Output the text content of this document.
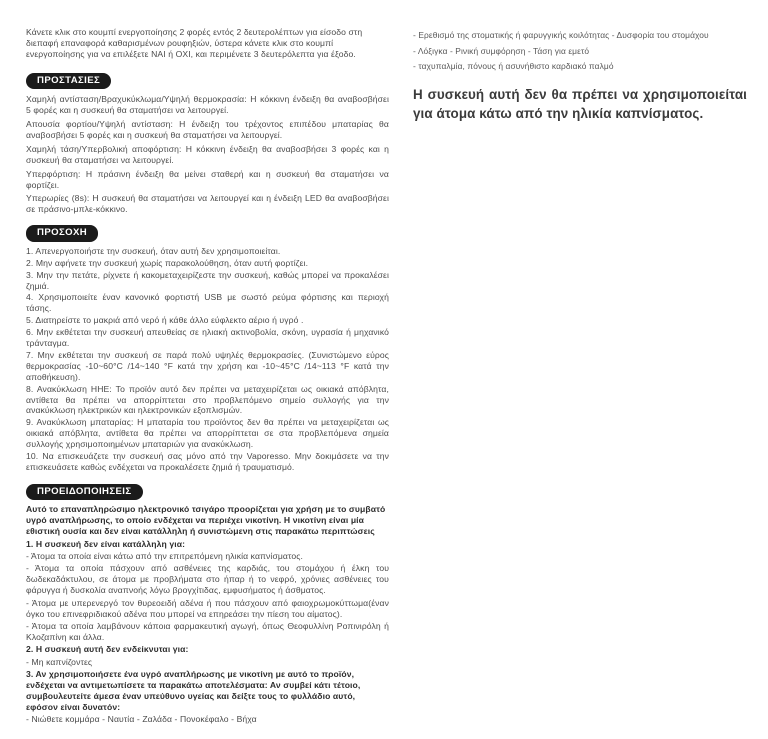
Κάνετε κλικ στο κουμπί ενεργοποίησης 2 φορές εντός 2 δευτερολέπτων για είσοδο στη διεπαφή επαναφορά καθαρισμένων ρουφηξιών, ύστερα κάνετε κλικ στο κουμπί ενεργοποίησης για να επιλέξετε ΝΑΙ ή ΟΧΙ, και περιμένετε 3 δευτερόλεπτα για έξοδο.

ΠΡΟΣΤΑΣΙΕΣ

Χαμηλή αντίσταση/Βραχυκύκλωμα/Υψηλή θερμοκρασία: Η κόκκινη ένδειξη θα αναβοσβήσει 5 φορές και η συσκευή θα σταματήσει να λειτουργεί.

Απουσία φορτίου/Υψηλή αντίσταση: Η ένδειξη του τρέχοντος επιπέδου μπαταρίας θα αναβοσβήσει 5 φορές και η συσκευή θα σταματήσει να λειτουργεί.

Χαμηλή τάση/Υπερβολική αποφόρτιση: Η κόκκινη ένδειξη θα αναβοσβήσει 3 φορές και η συσκευή θα σταματήσει να λειτουργεί.

Υπερφόρτιση: Η πράσινη ένδειξη θα μείνει σταθερή και η συσκευή θα σταματήσει να φορτίζει.

Υπερωρίες (8s): Η συσκευή θα σταματήσει να λειτουργεί και η ένδειξη LED θα αναβοσβήσει σε πράσινο-μπλε-κόκκινο.

ΠΡΟΣΟΧΗ

1. Απενεργοποιήστε την συσκευή, όταν αυτή δεν χρησιμοποιείται.

2. Μην αφήνετε την συσκευή χωρίς παρακολούθηση, όταν αυτή φορτίζει.

3. Μην την πετάτε, ρίχνετε ή κακομεταχειρίζεστε την συσκευή, καθώς μπορεί να προκαλέσει ζημιά.

4. Χρησιμοποιείτε έναν κανονικό φορτιστή USB με σωστό ρεύμα φόρτισης και περιοχή τάσης.

5. Διατηρείστε το μακριά από νερό ή κάθε άλλο εύφλεκτο αέριο ή υγρό .

6. Μην εκθέτεται την συσκευή απευθείας σε ηλιακή ακτινοβολία, σκόνη, υγρασία ή μηχανικό τράνταγμα.

7. Μην εκθέτεται την συσκευή σε παρά πολύ υψηλές θερμοκρασίες. (Συνιστώμενο εύρος θερμοκρασίας -10~60°C /14~140 °F κατά την χρήση και -10~45°C /14~113 °F κατά την αποθήκευση).

8. Ανακύκλωση ΗΗΕ: Το προϊόν αυτό δεν πρέπει να μεταχειρίζεται ως οικιακά απόβλητα, αντίθετα θα πρέπει να απορρίπτεται στο προβλεπόμενο σημείο συλλογής για την ανακύκλωση ηλεκτρικών και ηλεκτρονικών εξοπλισμών.

9. Ανακύκλωση μπαταρίας: Η μπαταρία του προϊόντος δεν θα πρέπει να μεταχειρίζεται ως οικιακά απόβλητα, αντίθετα θα πρέπει να απορρίπτεται σε στα προβλεπόμενα σημεία συλλογής χρησιμοποιημένων μπαταριών για ανακύκλωση.

10. Να επισκευάζετε την συσκευή σας μόνο από την Vaporesso. Μην δοκιμάσετε να την επισκευάσετε καθώς ενδέχεται να προκαλέσετε ζημιά ή τραυματισμό.

ΠΡΟΕΙΔΟΠΟΙΗΣΕΙΣ

Αυτό το επαναπληρώσιμο ηλεκτρονικό τσιγάρο προορίζεται για χρήση με το συμβατό υγρό αναπλήρωσης, το οποίο ενδέχεται να περιέχει νικοτίνη. Η νικοτίνη είναι μία εθιστική ουσία και δεν είναι κατάλληλη ή συνιστώμενη στις παρακάτω περιπτώσεις

1. Η συσκευή δεν είναι κατάλληλη για:

- Άτομα τα οποία είναι κάτω από την επιτρεπόμενη ηλικία καπνίσματος.

- Άτομα τα οποία πάσχουν από ασθένειες της καρδιάς, του στομάχου ή έλκη του δωδεκαδάκτυλου, σε άτομα με προβλήματα στο ήπαρ ή το νεφρό, χρόνιες ασθένειες του φάρυγγα ή δυσκολία αναπνοής λόγω βρογχίτιδας, εμφυσήματος ή άσθματος.

- Άτομα με υπερενεργό τον θυρεοειδή αδένα ή που πάσχουν από φαιοχρωμοκύττωμα(έναν όγκο του επινεφριδιακού αδένα που μπορεί να επηρεάσει την πίεση του αίματος).

- Άτομα τα οποία λαμβάνουν κάποια φαρμακευτική αγωγή, όπως Θεοφυλλίνη Ροπινιρόλη ή Κλοζαπίνη και άλλα.

2. Η συσκευή αυτή δεν ενδείκνυται για:

- Μη καπνίζοντες

3. Αν χρησιμοποιήσετε ένα υγρό αναπλήρωσης με νικοτίνη με αυτό το προϊόν, ενδέχεται να αντιμετωπίσετε τα παρακάτω αποτελέσματα: Αν συμβεί κάτι τέτοιο, συμβουλευτείτε άμεσα έναν υπεύθυνο υγείας και δείξτε τους το φυλλάδιο αυτό, εφόσον είναι δυνατόν:

- Νιώθετε κομμάρα - Ναυτία - Ζαλάδα - Πονοκέφαλο - Βήχα

- Ερεθισμό της στοματικής ή φαρυγγικής κοιλότητας - Δυσφορία του στομάχου

- Λόξιγκα - Ρινική συμφόρηση - Τάση για εμετό

- ταχυπαλμία, πόνους ή ασυνήθιστο καρδιακό παλμό

Η συσκευή αυτή δεν θα πρέπει να χρησιμοποιείται για άτομα κάτω από την ηλικία καπνίσματος.
